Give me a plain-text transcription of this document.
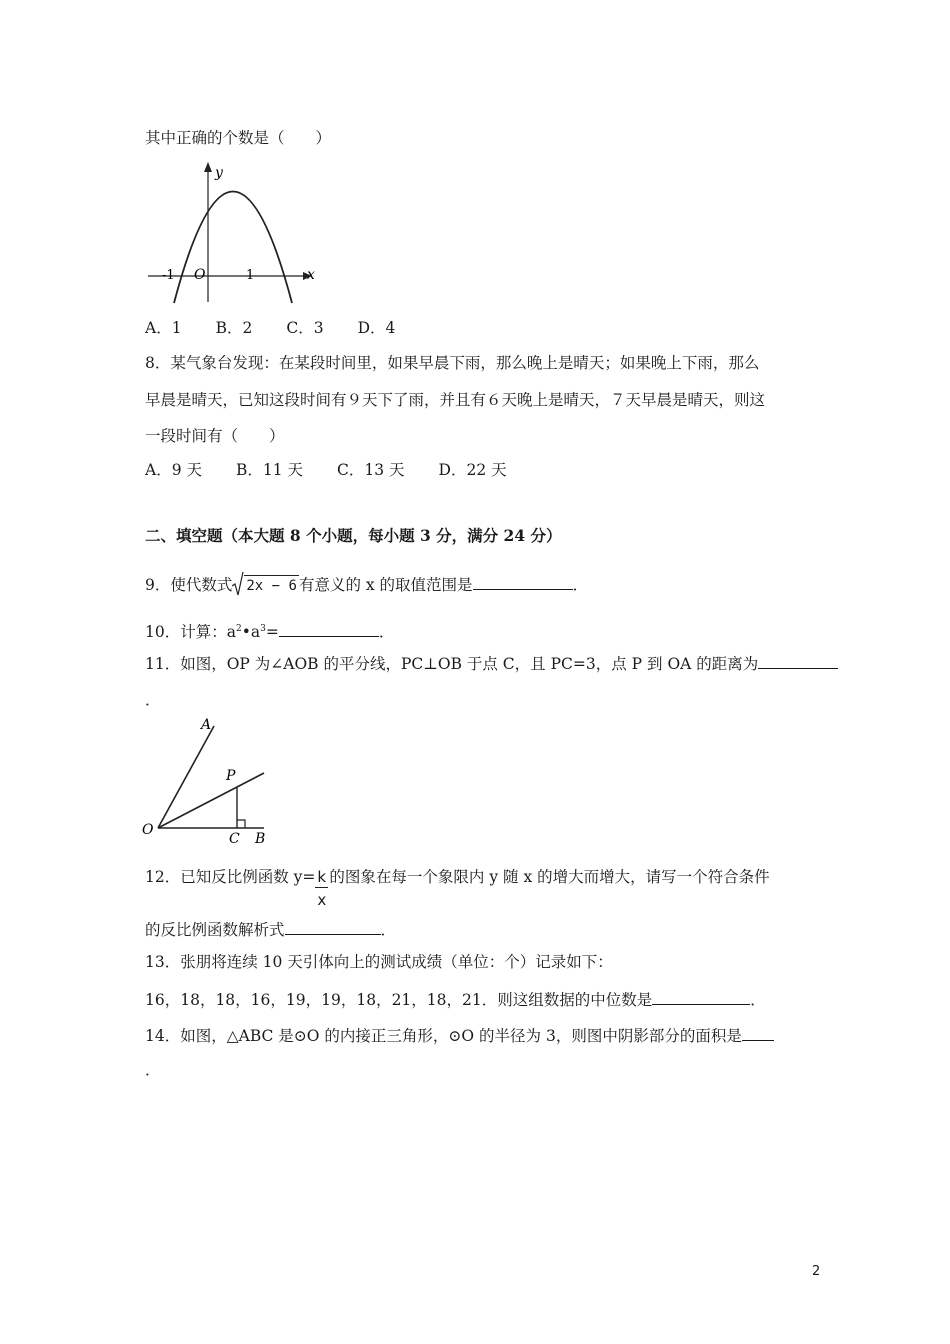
其中正确的个数是（　　）
y
x
O
-1	1
A．1 B．2 C．3 D．4
8．某气象台发现：在某段时间里，如果早晨下雨，那么晚上是晴天；如果晚上下雨，那么
早晨是晴天，已知这段时间有９天下了雨，并且有６天晚上是晴天，７天早晨是晴天，则这
一段时间有（　　）
A．9 天 B．11 天 C．13 天 D．22 天
二、填空题（本大题 8 个小题，每小题 3 分，满分 24 分）
9．使代数式 2x − 6 有意义的 x 的取值范围是	．
10．计算：$a^2•a^3=$	．
11．如图，OP 为∠AOB 的平分线，PC⊥OB 于点 C，且 PC=3，点 P 到 OA 的距离为
．
A
P
O
C B
12．已知反比例函数 $y= \frac{k}{x}$ 的图象在每一个象限内 y 随 x 的增大而增大，请写一个符合条件
的反比例函数解析式	．
13．张朋将连续 10 天引体向上的测试成绩（单位：个）记录如下：
16，18，18，16，19，19，18，21，18，21．则这组数据的中位数是	．
14．如图，△ABC 是⊙O 的内接正三角形，⊙O 的半径为 3，则图中阴影部分的面积是
．
2
